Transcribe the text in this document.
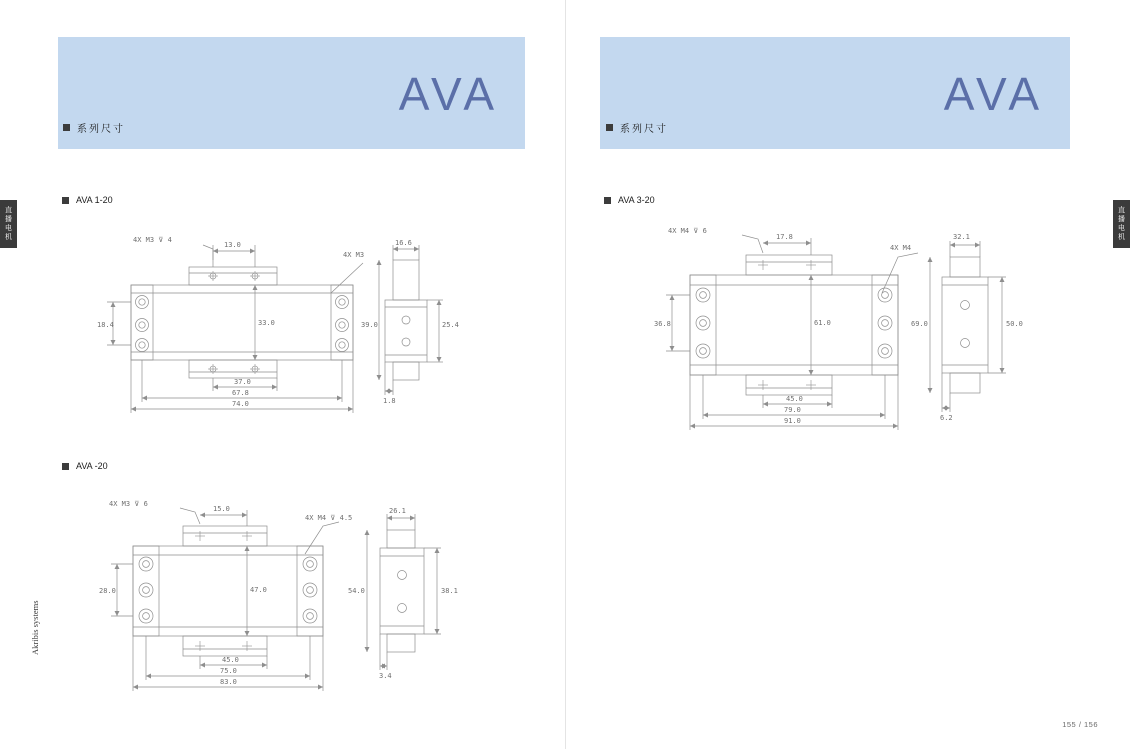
直
播
电
机
直
播
电
机
AVA
系列尺寸
AVA
系列尺寸
AVA 1-20
AVA -20
AVA 3-20
4X M3 ⊽ 4
4X M3
13.0	16.6
18.4	33.0	39.0	25.4
37.0
67.8
74.0	1.8
4X M3 ⊽ 6
4X M4 ⊽ 4.5
15.0	26.1
28.0	47.0	54.0	38.1
45.0
75.0
83.0
3.4
4X M4 ⊽ 6
4X M4
17.8	32.1
36.8	61.0	69.0	50.0
45.0
79.0
91.0	6.2
Akribis systems
155 / 156
